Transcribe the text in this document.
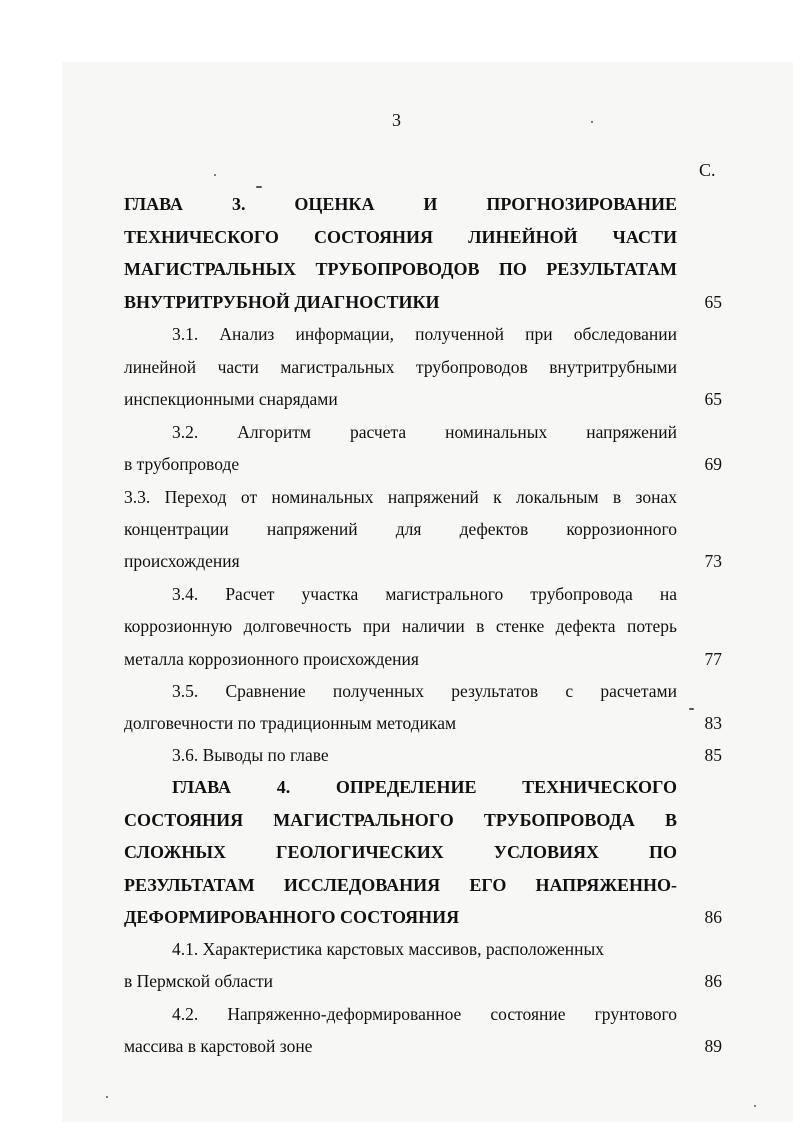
3
С.
ГЛАВА 3. ОЦЕНКА И ПРОГНОЗИРОВАНИЕ
ТЕХНИЧЕСКОГО СОСТОЯНИЯ ЛИНЕЙНОЙ ЧАСТИ
МАГИСТРАЛЬНЫХ ТРУБОПРОВОДОВ ПО РЕЗУЛЬТАТАМ
ВНУТРИТРУБНОЙ ДИАГНОСТИКИ	65
3.1. Анализ информации, полученной при обследовании
линейной части магистральных трубопроводов внутритрубными
инспекционными снарядами	65
3.2. Алгоритм расчета номинальных напряжений
в трубопроводе	69
3.3. Переход от номинальных напряжений к локальным в зонах
концентрации напряжений для дефектов коррозионного
происхождения	73
3.4. Расчет участка магистрального трубопровода на
коррозионную долговечность при наличии в стенке дефекта потерь
металла коррозионного происхождения	77
3.5. Сравнение полученных результатов с расчетами
долговечности по традиционным методикам	83
3.6. Выводы по главе	85
ГЛАВА 4. ОПРЕДЕЛЕНИЕ ТЕХНИЧЕСКОГО
СОСТОЯНИЯ МАГИСТРАЛЬНОГО ТРУБОПРОВОДА В
СЛОЖНЫХ ГЕОЛОГИЧЕСКИХ УСЛОВИЯХ ПО
РЕЗУЛЬТАТАМ ИССЛЕДОВАНИЯ ЕГО НАПРЯЖЕННО-
ДЕФОРМИРОВАННОГО СОСТОЯНИЯ	86
4.1. Характеристика карстовых массивов, расположенных
в Пермской области	86
4.2. Напряженно-деформированное состояние грунтового
массива в карстовой зоне	89
